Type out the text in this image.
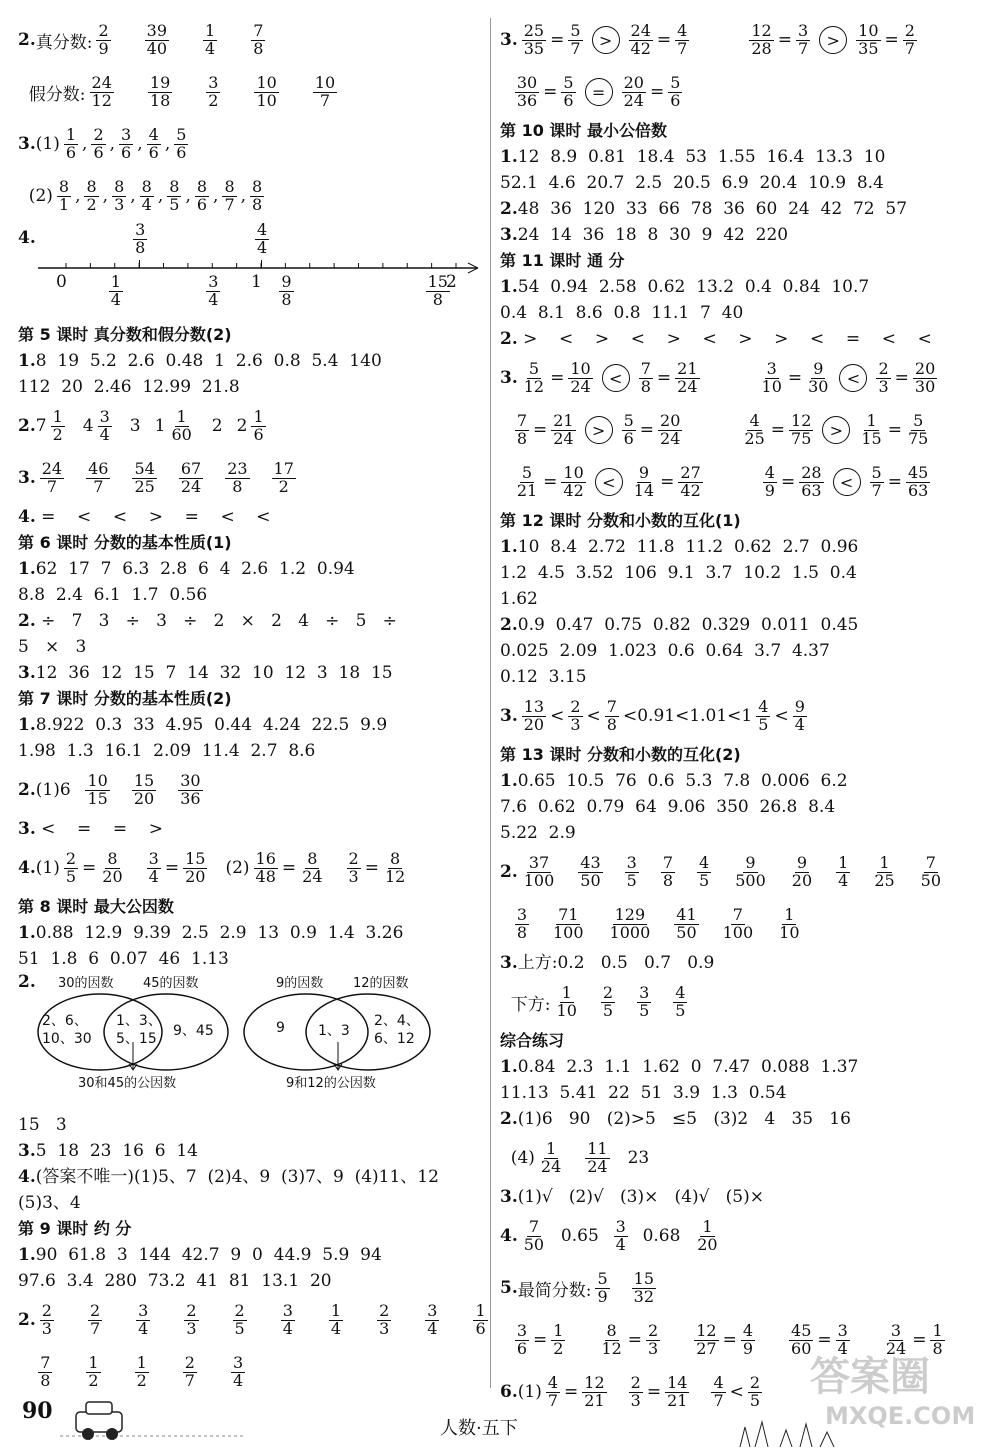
2. 真分数: $\frac{2}{9} \frac{39}{40} \frac{1}{4} \frac{7}{8}$
假分数: $\frac{24}{12} \frac{19}{18} \frac{3}{2} \frac{10}{10} \frac{10}{7}$
3. $(1) \frac{1}{6}$ , $\frac{2}{6}$ , $\frac{3}{6}$ , $\frac{4}{6}$ , $\frac{5}{6}$
$(2) \frac{8}{1}$ , $\frac{8}{2}$ , $\frac{8}{3}$ , $\frac{8}{4}$ , $\frac{8}{5}$ , $\frac{8}{6}$ , $\frac{8}{7}$ , $\frac{8}{8}$
4.
0	$\frac{1}{4}$	$\frac{3}{4} 1 \frac{9}{8}$	$\frac{15}{8}$
2
$\frac{3}{8}$	$\frac{4}{4}$
第 5 课时 真分数和假分数(2)
1. 8  19  5.2  2.6  0.48  1  2.6  0.8  5.4  140
112  20  2.46  12.99  21.8
2. $7 \frac{1}{2} 4 \frac{3}{4} 3$ $1 \frac{1}{60} 2$ $2 \frac{1}{6}$
3. $\frac{24}{7} \frac{46}{7} \frac{54}{25} \frac{67}{24} \frac{23}{8} \frac{17}{2}$
4. =    <    <    >    =    <    <
第 6 课时 分数的基本性质(1)
1. 62  17  7  6.3  2.8  6  4  2.6  1.2  0.94
8.8  2.4  6.1  1.7  0.56
2. ÷   7   3   ÷   3   ÷   2   ×   2   4   ÷   5   ÷
5   ×   3
3. 12  36  12  15  7  14  32  10  12  3  18  15
第 7 课时 分数的基本性质(2)
1. 8.922  0.3  33  4.95  0.44  4.24  22.5  9.9
1.98  1.3  16.1  2.09  11.4  2.7  8.6
2. $(1)6 \frac{10}{15} \frac{15}{20} \frac{30}{36}$
3. <    =    =    >
4. $(1) \frac{2}{5} = \frac{8}{20} \frac{3}{4} = \frac{15}{20} (2) \frac{16}{48} = \frac{8}{24} \frac{2}{3} = \frac{8}{12}$
第 8 课时 最大公因数
1. 0.88  12.9  9.39  2.5  2.9  13  0.9  1.4  3.26
51  1.8  6  0.07  46  1.13
2. 30的因数 45的因数
2、6、
10、30
1、3、
5、15 9、45
30和45的公因数
9的因数 12的因数
9 1、3
2、4、
6、12
9和12的公因数
15   3
3. 5  18  23  16  6  14
4. (答案不唯一)(1)5、7  (2)4、9  (3)7、9  (4)11、12
(5)3、4
第 9 课时 约 分
1. 90  61.8  3  144  42.7  9  0  44.9  5.9  94
97.6  3.4  280  73.2  41  81  13.1  20
2. $\frac{2}{3} \frac{2}{7} \frac{3}{4} \frac{2}{3} \frac{2}{5} \frac{3}{4} \frac{1}{4} \frac{2}{3} \frac{3}{4} \frac{1}{6}$

$\frac{7}{8} \frac{1}{2} \frac{1}{2} \frac{2}{7} \frac{3}{4}$
3. $\frac{25}{35} = \frac{5}{7}$	>	$\frac{24}{42} = \frac{4}{7}$	$\frac{12}{28} = \frac{3}{7}$	>	$\frac{10}{35} = \frac{2}{7}$

$\frac{30}{36} = \frac{5}{6}$	=	$\frac{20}{24} = \frac{5}{6}$
第 10 课时 最小公倍数
1. 12  8.9  0.81  18.4  53  1.55  16.4  13.3  10
52.1  4.6  20.7  2.5  20.5  6.9  20.4  10.9  8.4
2. 48  36  120  33  66  78  36  60  24  42  72  57
3. 24  14  36  18  8  30  9  42  220
第 11 课时 通 分
1. 54  0.94  2.58  0.62  13.2  0.4  0.84  10.7
0.4  8.1  8.6  0.8  11.1  7  40
2. >    <    >    <    >    <    >    >    <    =    <    <
3. $\frac{5}{12} = \frac{10}{24}$	<	$\frac{7}{8} = \frac{21}{24}$	$\frac{3}{10} = \frac{9}{30}$	<	$\frac{2}{3} = \frac{20}{30}$

$\frac{7}{8} = \frac{21}{24}$	>	$\frac{5}{6} = \frac{20}{24}$	$\frac{4}{25} = \frac{12}{75}$	>	$\frac{1}{15} = \frac{5}{75}$

$\frac{5}{21} = \frac{10}{42}$	<	$\frac{9}{14} = \frac{27}{42}$	$\frac{4}{9} = \frac{28}{63}$	<	$\frac{5}{7} = \frac{45}{63}$
第 12 课时 分数和小数的互化(1)
1. 10  8.4  2.72  11.8  11.2  0.62  2.7  0.96
1.2  4.5  3.52  106  9.1  3.7  10.2  1.5  0.4
1.62
2. 0.9  0.47  0.75  0.82  0.329  0.011  0.45
0.025  2.09  1.023  0.6  0.64  3.7  4.37
0.12  3.15
3. $\frac{13}{20} < \frac{2}{3} < \frac{7}{8} <0.91<1.01<1 \frac{4}{5} < \frac{9}{4}$
第 13 课时 分数和小数的互化(2)
1. 0.65  10.5  76  0.6  5.3  7.8  0.006  6.2
7.6  0.62  0.79  64  9.06  350  26.8  8.4
5.22  2.9
2. $\frac{37}{100} \frac{43}{50} \frac{3}{5} \frac{7}{8} \frac{4}{5} \frac{9}{500} \frac{9}{20} \frac{1}{4} \frac{1}{25} \frac{7}{50}$

$\frac{3}{8} \frac{71}{100} \frac{129}{1000} \frac{41}{50} \frac{7}{100} \frac{1}{10}$
3. 上方:0.2   0.5   0.7   0.9
下方: $\frac{1}{10} \frac{2}{5} \frac{3}{5} \frac{4}{5}$
综合练习
1. 0.84  2.3  1.1  1.62  0  7.47  0.088  1.37
11.13  5.41  22  51  3.9  1.3  0.54
2. (1)6   90   (2)>5   ≤5   (3)2   4   35   16
$(4) \frac{1}{24} \frac{11}{24} 23$
3. (1)√   (2)√   (3)×   (4)√   (5)×
4. $\frac{7}{50} 0.65 \frac{3}{4} 0.68 \frac{1}{20}$
5. 最简分数: $\frac{5}{9} \frac{15}{32}$

$\frac{3}{6} = \frac{1}{2} \frac{8}{12} = \frac{2}{3} \frac{12}{27} = \frac{4}{9} \frac{45}{60} = \frac{3}{4} \frac{3}{24} = \frac{1}{8}$
6. $(1) \frac{4}{7} = \frac{12}{21} \frac{2}{3} = \frac{14}{21} \frac{4}{7} < \frac{2}{5}$
90
人数·五下
答案圈
MXQE.COM
